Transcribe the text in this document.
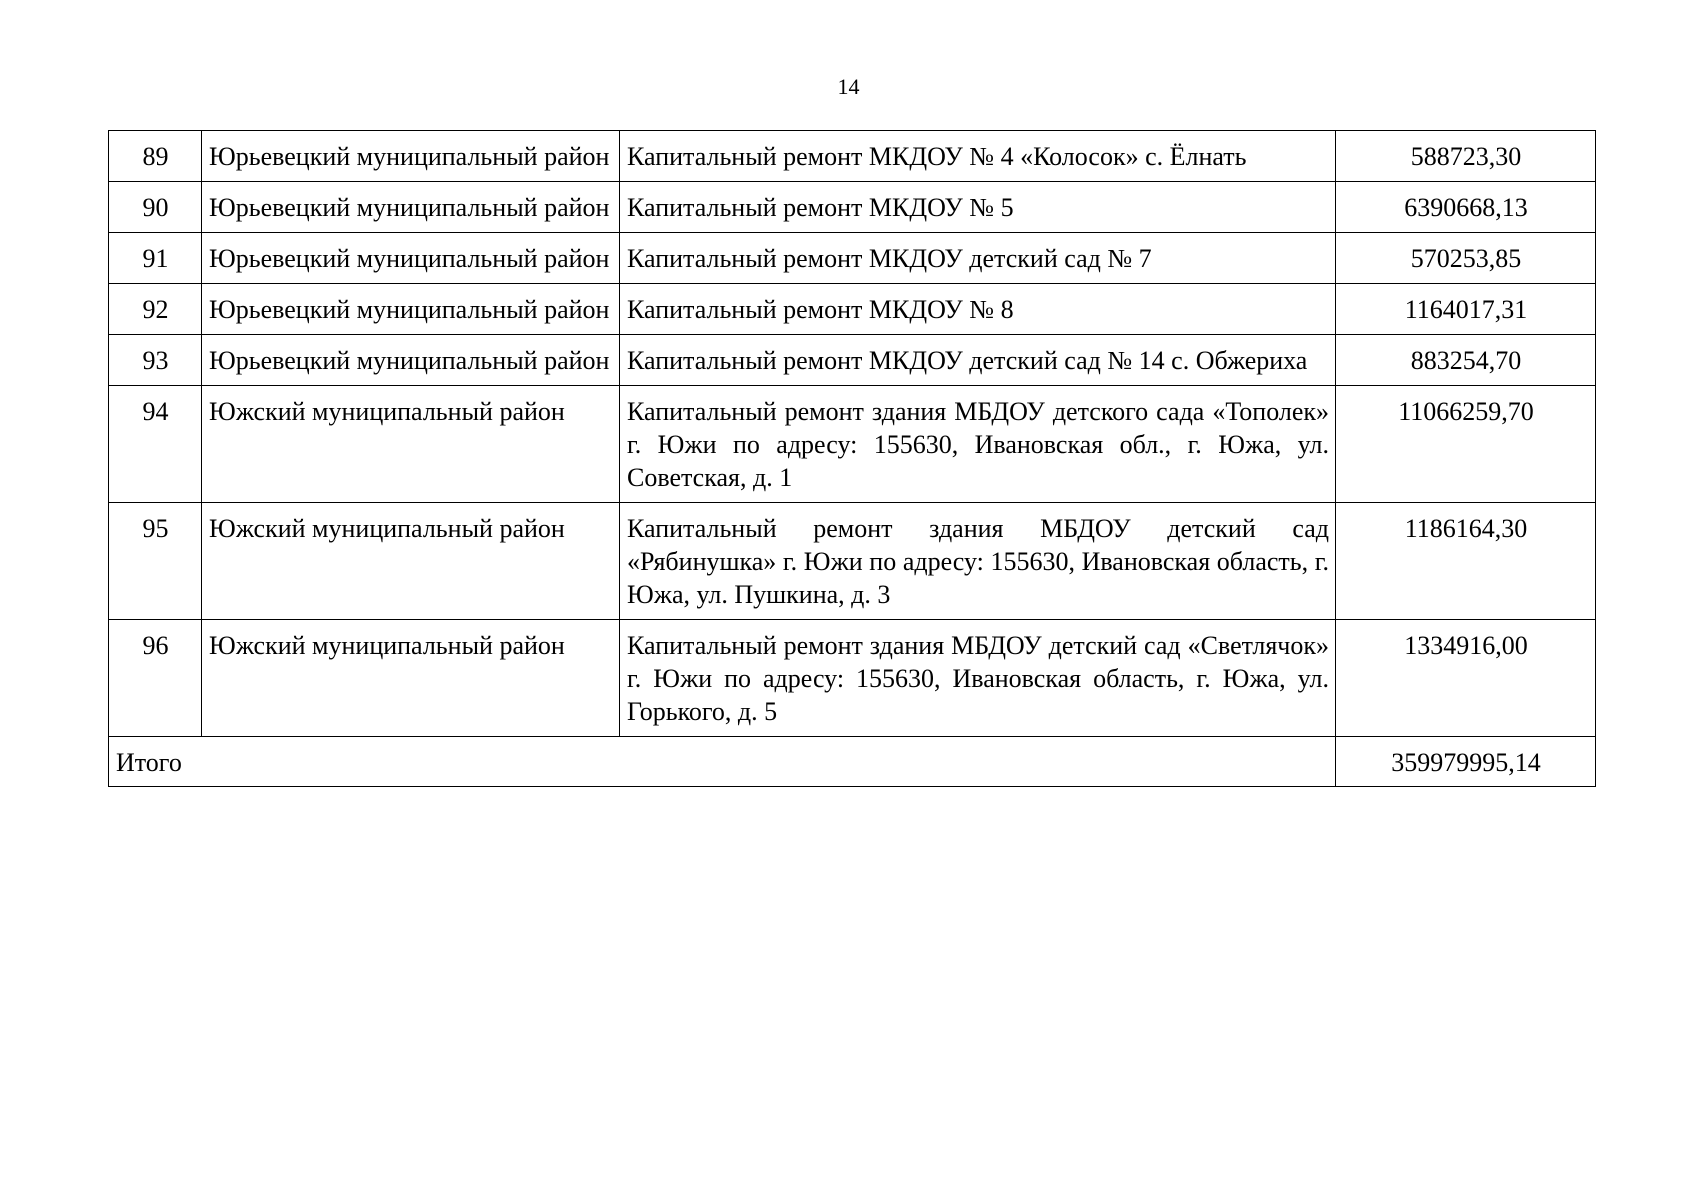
14
89	Юрьевецкий муниципальный район	Капитальный ремонт МКДОУ № 4 «Колосок» с. Ёлнать	588723,30
90	Юрьевецкий муниципальный район	Капитальный ремонт МКДОУ № 5	6390668,13
91	Юрьевецкий муниципальный район	Капитальный ремонт МКДОУ детский сад № 7	570253,85
92	Юрьевецкий муниципальный район	Капитальный ремонт МКДОУ № 8	1164017,31
93	Юрьевецкий муниципальный район	Капитальный ремонт МКДОУ детский сад № 14 с. Обжериха	883254,70
94	Южский муниципальный район	Капитальный ремонт здания МБДОУ детского сада «Тополек» г. Южи по адресу: 155630, Ивановская обл., г. Южа, ул. Советская, д. 1	11066259,70
95	Южский муниципальный район	Капитальный ремонт здания МБДОУ детский сад «Рябинушка» г. Южи по адресу: 155630, Ивановская область, г. Южа, ул. Пушкина, д. 3	1186164,30
96	Южский муниципальный район	Капитальный ремонт здания МБДОУ детский сад «Светлячок» г. Южи по адресу: 155630, Ивановская область, г. Южа, ул. Горького, д. 5	1334916,00
Итого			359979995,14
